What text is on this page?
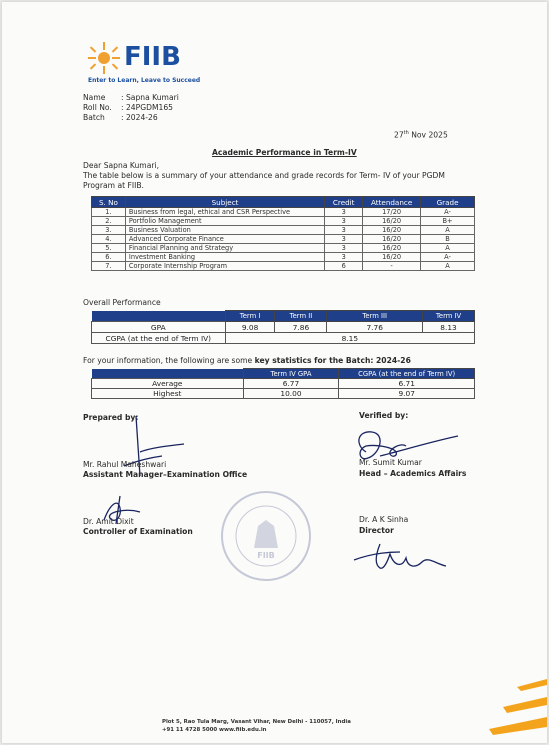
FIIB
Enter to Learn, Leave to Succeed
Name : Sapna Kumari
Roll No. : 24PGDM165
Batch : 2024-26
27th Nov 2025
Academic Performance in Term-IV
Dear Sapna Kumari,
The table below is a summary of your attendance and grade records for Term- IV of your PGDM
Program at FIIB.
S. No	Subject	Credit	Attendance	Grade
1.	Business from legal, ethical and CSR Perspective	3	17/20	A-
2.	Portfolio Management	3	16/20	B+
3.	Business Valuation	3	16/20	A
4.	Advanced Corporate Finance	3	16/20	B
5.	Financial Planning and Strategy	3	16/20	A
6.	Investment Banking	3	16/20	A-
7.	Corporate Internship Program	6	-	A
Overall Performance
	Term I	Term II	Term III	Term IV
GPA	9.08	7.86	7.76	8.13
CGPA (at the end of Term IV)	8.15			
For your information, the following are some key statistics for the Batch: 2024-26
	Term IV GPA	CGPA (at the end of Term IV)
Average	6.77	6.71
Highest	10.00	9.07
Prepared by:	Verified by:
Mr. Rahul Maheshwari
Assistant Manager–Examination Office
Mr. Sumit Kumar
Head – Academics Affairs
FIIB
Dr. Amit Dixit
Controller of Examination
Dr. A K Sinha
Director
Plot 5, Rao Tula Marg, Vasant Vihar, New Delhi - 110057, India
+91 11 4728 5000 www.fiib.edu.in
